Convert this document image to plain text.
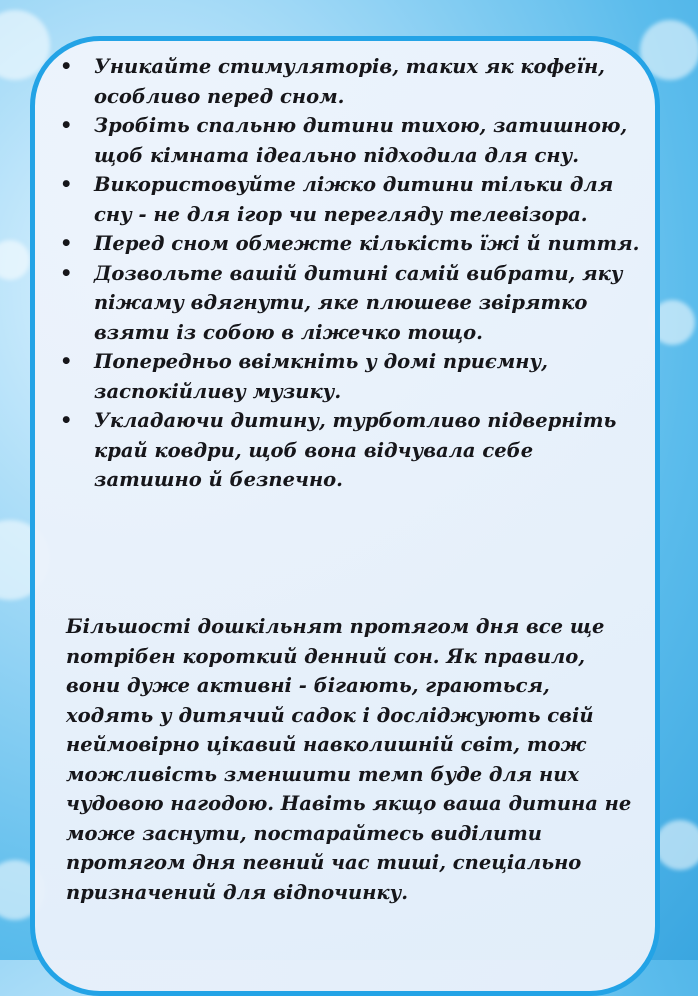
• Уникайте стимуляторів, таких як кофеїн, особливо перед сном.
• Зробіть спальню дитини тихою, затишною, щоб кімната ідеально підходила для сну.
• Використовуйте ліжко дитини тільки для сну - не для ігор чи перегляду телевізора.
• Перед сном обмежте кількість їжі й пиття.
• Дозвольте вашій дитині самій вибрати, яку піжаму вдягнути, яке плюшеве звірятко взяти із собою в ліжечко тощо.
• Попередньо ввімкніть у домі приємну, заспокійливу музику.
• Укладаючи дитину, турботливо підверніть край ковдри, щоб вона відчувала себе затишно й безпечно.

Більшості дошкільнят протягом дня все ще потрібен короткий денний сон. Як правило, вони дуже активні - бігають, граються, ходять у дитячий садок і досліджують свій неймовірно цікавий навколишній світ, тож можливість зменшити темп буде для них чудовою нагодою. Навіть якщо ваша дитина не може заснути, постарайтесь виділити протягом дня певний час тиші, спеціально призначений для відпочинку.
